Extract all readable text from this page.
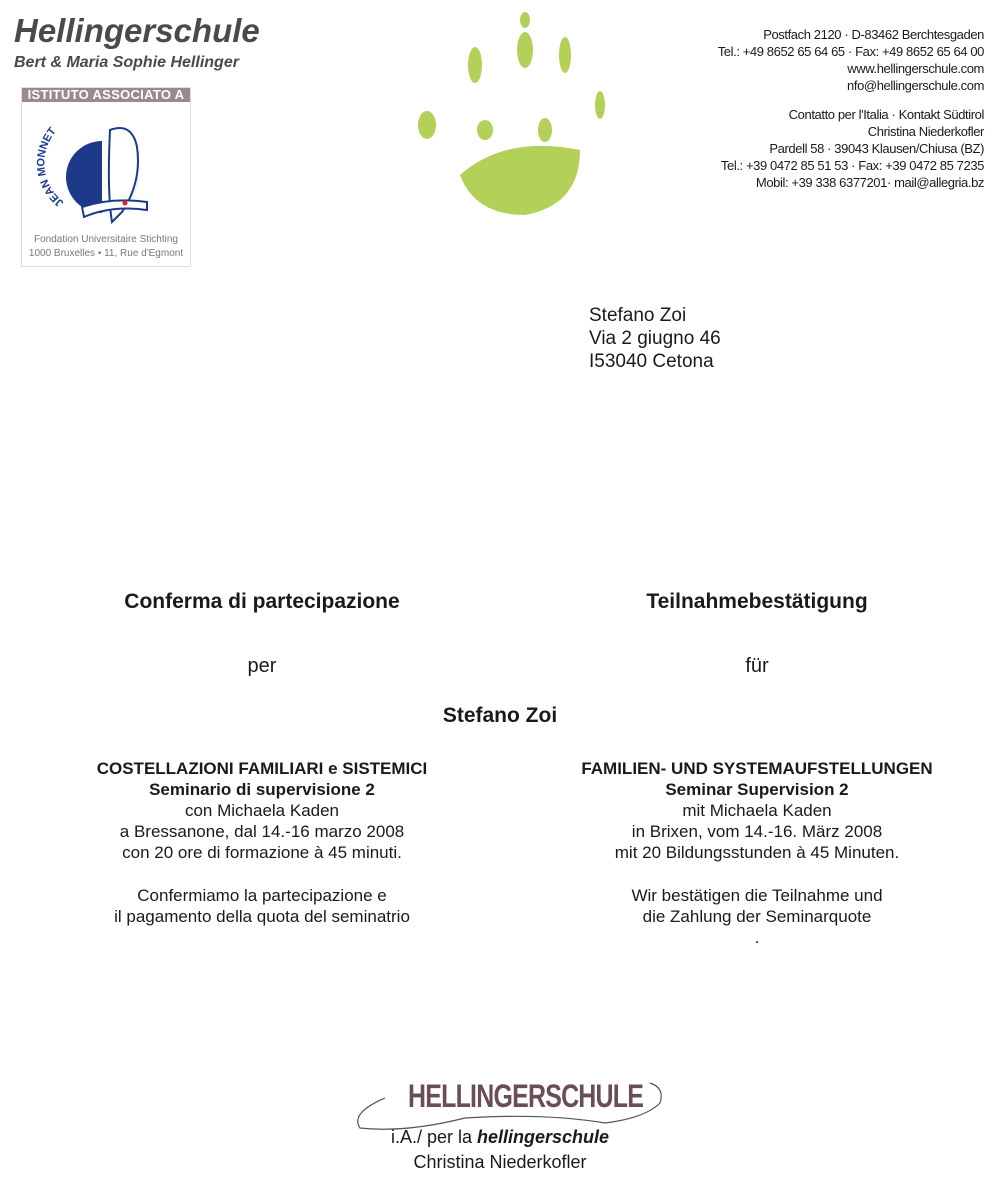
Hellingerschule
Bert & Maria Sophie Hellinger
ISTITUTO ASSOCIATO A
JEAN MONNET
Fondation Universitaire Stichting
1000 Bruxelles • 11, Rue d'Egmont
Postfach 2120 · D-83462 Berchtesgaden
Tel.: +49 8652 65 64 65 · Fax: +49 8652 65 64 00
www.hellingerschule.com
nfo@hellingerschule.com
Contatto per l'Italia · Kontakt Südtirol
Christina Niederkofler
Pardell 58 · 39043 Klausen/Chiusa (BZ)
Tel.: +39 0472 85 51 53 · Fax: +39 0472 85 7235
Mobil: +39 338 6377201· mail@allegria.bz
Stefano Zoi
Via 2 giugno 46
I53040 Cetona
Conferma di partecipazione
per
COSTELLAZIONI FAMILIARI e SISTEMICI
Seminario di supervisione 2
con Michaela Kaden
a Bressanone, dal 14.-16 marzo 2008
con 20 ore di formazione à 45 minuti.
Confermiamo la partecipazione e
il pagamento della quota del seminatrio
Teilnahmebestätigung
für
FAMILIEN- UND SYSTEMAUFSTELLUNGEN
Seminar Supervision 2
mit Michaela Kaden
in Brixen, vom 14.-16. März 2008
mit 20 Bildungsstunden à 45 Minuten.
Wir bestätigen die Teilnahme und
die Zahlung der Seminarquote
.
Stefano Zoi
HELLINGERSCHULE
i.A./ per la hellingerschule
Christina Niederkofler
